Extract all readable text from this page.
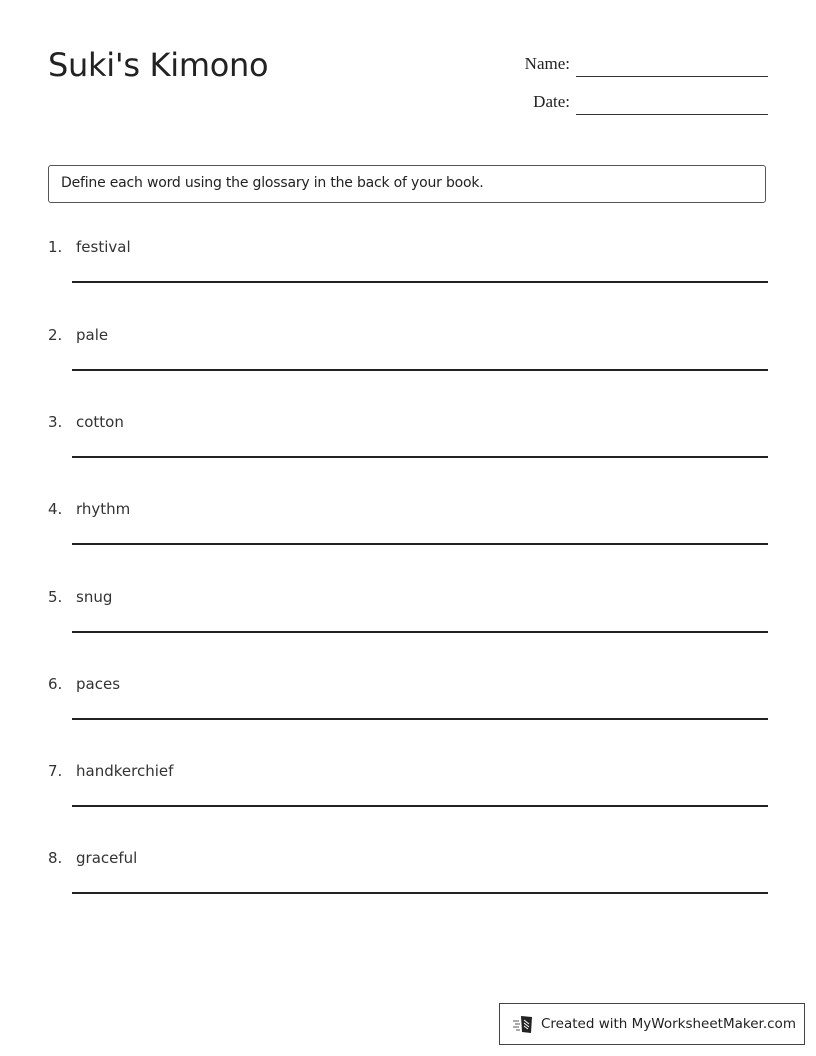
Suki's Kimono	Name:
Date:
Define each word using the glossary in the back of your book.
1. festival
2. pale
3. cotton
4. rhythm
5. snug
6. paces
7. handkerchief
8. graceful
Created with MyWorksheetMaker.com
